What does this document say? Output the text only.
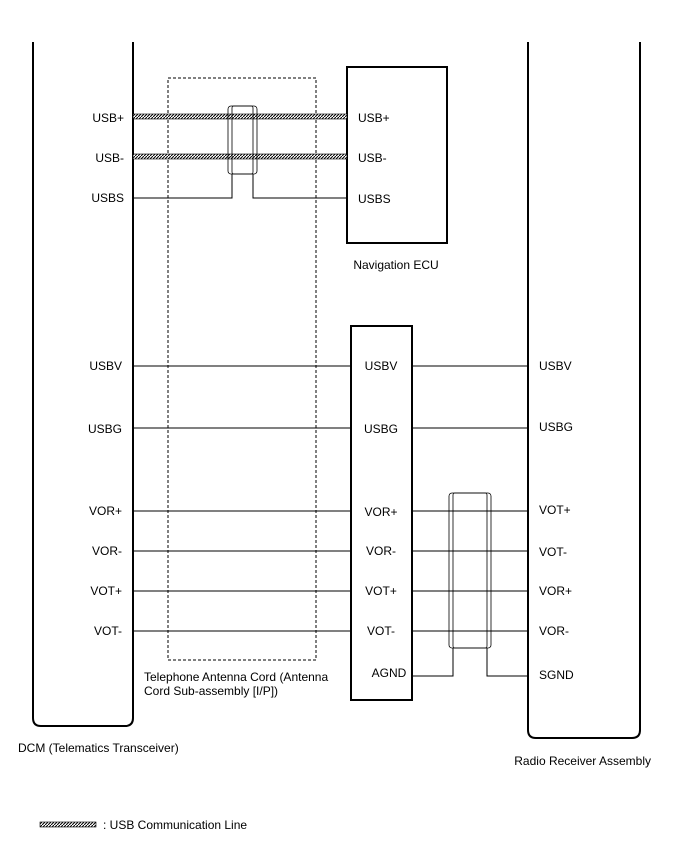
USB+
USB-
USBS
USBV
USBG
VOR+
VOR-
VOT+
VOT-
USB+
USB-
USBS
USBV
USBG
VOR+
VOR-
VOT+
VOT-
AGND
USBV
USBG
VOT+
VOT-
VOR+
VOR-
SGND
Navigation ECU
Telephone Antenna Cord (Antenna
Cord Sub-assembly [I/P])
DCM (Telematics Transceiver)
Radio Receiver Assembly
: USB Communication Line
